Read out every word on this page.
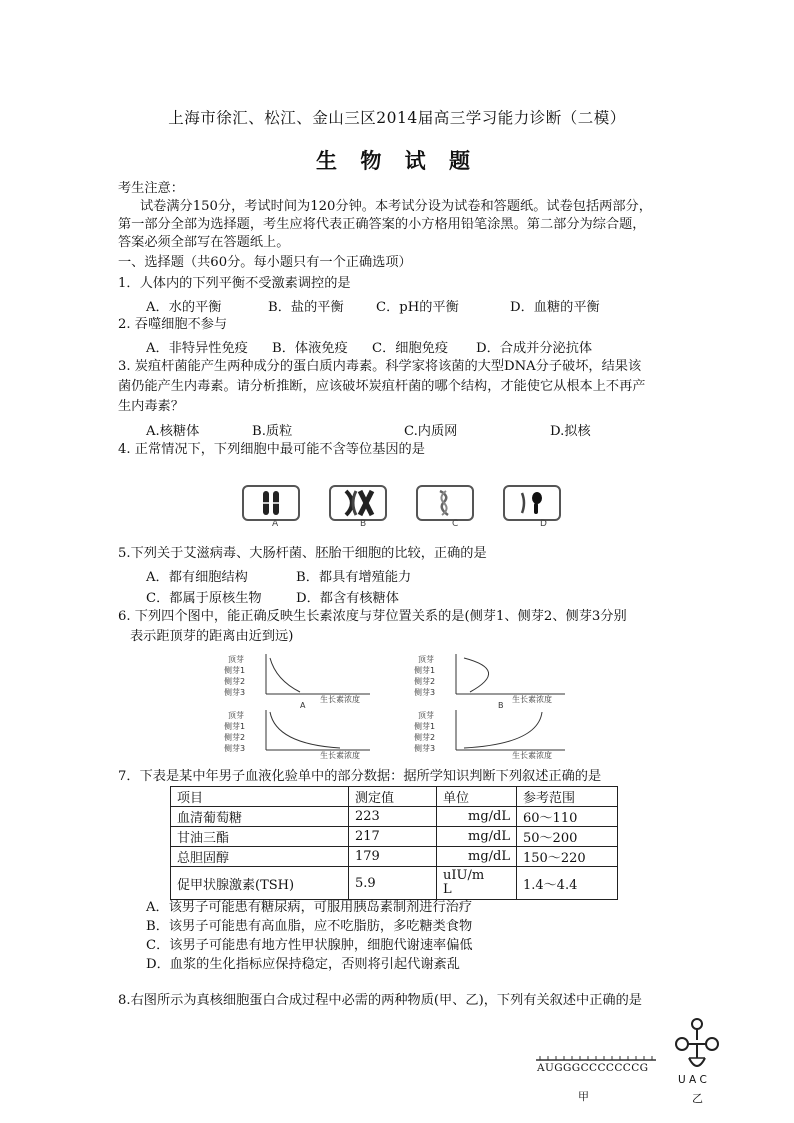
上海市徐汇、松江、金山三区2014届高三学习能力诊断（二模）
生 物 试 题
考生注意：
试卷满分150分，考试时间为120分钟。本考试分设为试卷和答题纸。试卷包括两部分，
第一部分全部为选择题，考生应将代表正确答案的小方格用铅笔涂黑。第二部分为综合题，
答案必须全部写在答题纸上。
一、选择题（共60分。每小题只有一个正确选项）
1．人体内的下列平衡不受激素调控的是
A．水的平衡	B．盐的平衡 C．pH的平衡	D．血糖的平衡
2. 吞噬细胞不参与
A．非特异性免疫 B．体液免疫 C．细胞免疫 D．合成并分泌抗体
3. 炭疽杆菌能产生两种成分的蛋白质内毒素。科学家将该菌的大型DNA分子破坏，结果该
菌仍能产生内毒素。请分析推断，应该破坏炭疽杆菌的哪个结构，才能使它从根本上不再产
生内毒素？
A.核糖体	B.质粒	C.内质网	D.拟核
4. 正常情况下，下列细胞中最可能不含等位基因的是
A	B	C	D
5.下列关于艾滋病毒、大肠杆菌、胚胎干细胞的比较，正确的是
A．都有细胞结构	B．都具有增殖能力
C．都属于原核生物	D．都含有核糖体
6. 下列四个图中，能正确反映生长素浓度与芽位置关系的是(侧芽1、侧芽2、侧芽3分别
表示距顶芽的距离由近到远)
顶芽
侧芽1
侧芽2
侧芽3
生长素浓度
A
顶芽
侧芽1
侧芽2
侧芽3
生长素浓度
B
顶芽
侧芽1
侧芽2
侧芽3
生长素浓度
顶芽
侧芽1
侧芽2
侧芽3
生长素浓度
7．下表是某中年男子血液化验单中的部分数据：据所学知识判断下列叙述正确的是
项目	测定值	单位	参考范围
血清葡萄糖	223	mg/dL	60～110
甘油三酯	217	mg/dL	50～200
总胆固醇	179	mg/dL	150～220
促甲状腺激素(TSH)	5.9	uIU/m
L	1.4～4.4
A．该男子可能患有糖尿病，可服用胰岛素制剂进行治疗
B．该男子可能患有高血脂，应不吃脂肪，多吃糖类食物
C．该男子可能患有地方性甲状腺肿，细胞代谢速率偏低
D．血浆的生化指标应保持稳定，否则将引起代谢紊乱
8.右图所示为真核细胞蛋白合成过程中必需的两种物质(甲、乙)，下列有关叙述中正确的是
AUGGGCCCCCCCG
甲
U A C
乙
